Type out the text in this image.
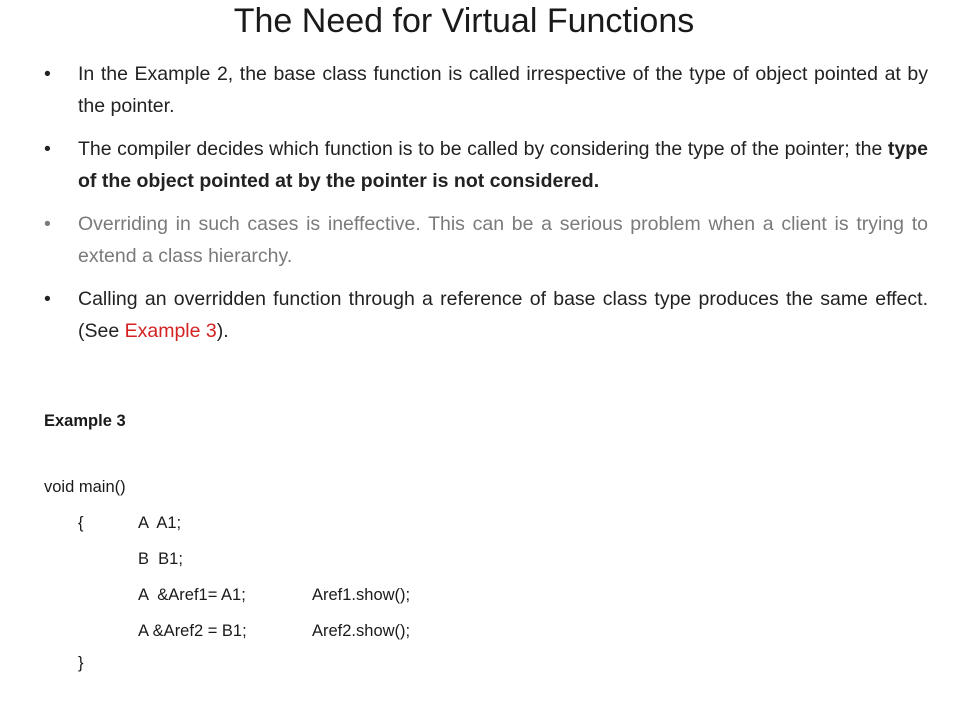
The Need for Virtual Functions
• In the Example 2, the base class function is called irrespective of the type of object pointed at by the pointer.
• The compiler decides which function is to be called by considering the type of the pointer; the type of the object pointed at by the pointer is not considered.
• Overriding in such cases is ineffective. This can be a serious problem when a client is trying to extend a class hierarchy.
• Calling an overridden function through a reference of base class type produces the same effect. (See Example 3).
Example 3
void main()
{	A  A1;
B  B1;
A  &Aref1= A1;	Aref1.show();
A &Aref2 = B1;	Aref2.show();
}
